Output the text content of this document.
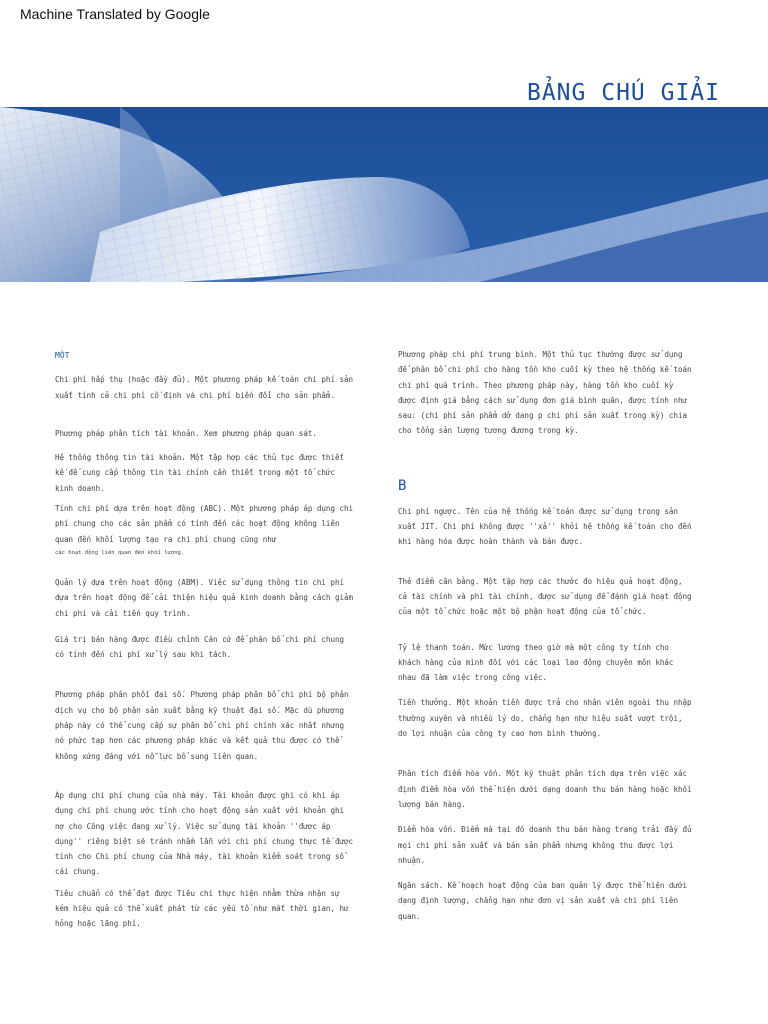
Machine Translated by Google
BẢNG CHÚ GIẢI
MỘT

Chi phí hấp thụ (hoặc đầy đủ). Một phương pháp kế toán chi phí sản xuất tính cả chi phí cố định và chi phí biến đổi cho sản phẩm.

Phương pháp phân tích tài khoản. Xem phương pháp quan sát.

Hệ thống thông tin tài khoản. Một tập hợp các thủ tục được thiết kế để cung cấp thông tin tài chính cần thiết trong một tổ chức kinh doanh.

Tính chi phí dựa trên hoạt động (ABC). Một phương pháp áp dụng chi phí chung cho các sản phẩm có tính đến các hoạt động không liên quan đến khối lượng tạo ra chi phí chung cũng như

các hoạt động liên quan đến khối lượng.

Quản lý dựa trên hoạt động (ABM). Việc sử dụng thông tin chi phí dựa trên hoạt động để cải thiện hiệu quả kinh doanh bằng cách giảm chi phí và cải tiến quy trình.

Giá trị bán hàng được điều chỉnh Căn cứ để phân bổ chi phí chung có tính đến chi phí xử lý sau khi tách.

Phương pháp phân phối đại số. Phương pháp phân bổ chi phí bộ phận dịch vụ cho bộ phận sản xuất bằng kỹ thuật đại số. Mặc dù phương pháp này có thể cung cấp sự phân bổ chi phí chính xác nhất nhưng nó phức tạp hơn các phương pháp khác và kết quả thu được có thể không xứng đáng với nỗ lực bổ sung liên quan.

Áp dụng chi phí chung của nhà máy. Tài khoản được ghi có khi áp dụng chi phí chung ước tính cho hoạt động sản xuất với khoản ghi nợ cho Công việc đang xử lý. Việc sử dụng tài khoản ''được áp dụng'' riêng biệt sẽ tránh nhầm lẫn với chi phí chung thực tế được tính cho Chi phí chung của Nhà máy, tài khoản kiểm soát trong sổ cái chung.

Tiêu chuẩn có thể đạt được Tiêu chí thực hiện nhằm thừa nhận sự kém hiệu quả có thể xuất phát từ các yếu tố như mắt thời gian, hư hỏng hoặc lãng phí.

Phương pháp chi phí trung bình. Một thủ tục thường được sử dụng để phân bổ chi phí cho hàng tồn kho cuối kỳ theo hệ thống kế toán chi phí quá trình. Theo phương pháp này, hàng tồn kho cuối kỳ được định giá bằng cách sử dụng đơn giá bình quân, được tính như sau: (chi phí sản phẩm dở dang p chi phí sản xuất trong kỳ) chia cho tổng sản lượng tương đương trong kỳ.

B

Chi phí ngược. Tên của hệ thống kế toán được sử dụng trong sản xuất JIT. Chi phí không được ''xả'' khỏi hệ thống kế toán cho đến khi hàng hóa được hoàn thành và bán được.

Thẻ điểm cân bằng. Một tập hợp các thước đo hiệu quả hoạt động, cả tài chính và phi tài chính, được sử dụng để đánh giá hoạt động của một tổ chức hoặc một bộ phận hoạt động của tổ chức.

Tỷ lệ thanh toán. Mức lương theo giờ mà một công ty tính cho khách hàng của mình đối với các loại lao động chuyên môn khác nhau đã làm việc trong công việc.

Tiền thưởng. Một khoản tiền được trả cho nhân viên ngoài thu nhập thường xuyên và nhiều lý do, chẳng hạn như hiệu suất vượt trội, do lợi nhuận của công ty cao hơn bình thường.

Phân tích điểm hòa vốn. Một kỹ thuật phân tích dựa trên việc xác định điểm hòa vốn thể hiện dưới dạng doanh thu bán hàng hoặc khối lượng bán hàng.

Điểm hòa vốn. Điểm mà tại đó doanh thu bán hàng trang trải đầy đủ mọi chi phí sản xuất và bán sản phẩm nhưng không thu được lợi nhuận.

Ngân sách. Kế hoạch hoạt động của ban quản lý được thể hiện dưới dạng định lượng, chẳng hạn như đơn vị sản xuất và chi phí liên quan.
